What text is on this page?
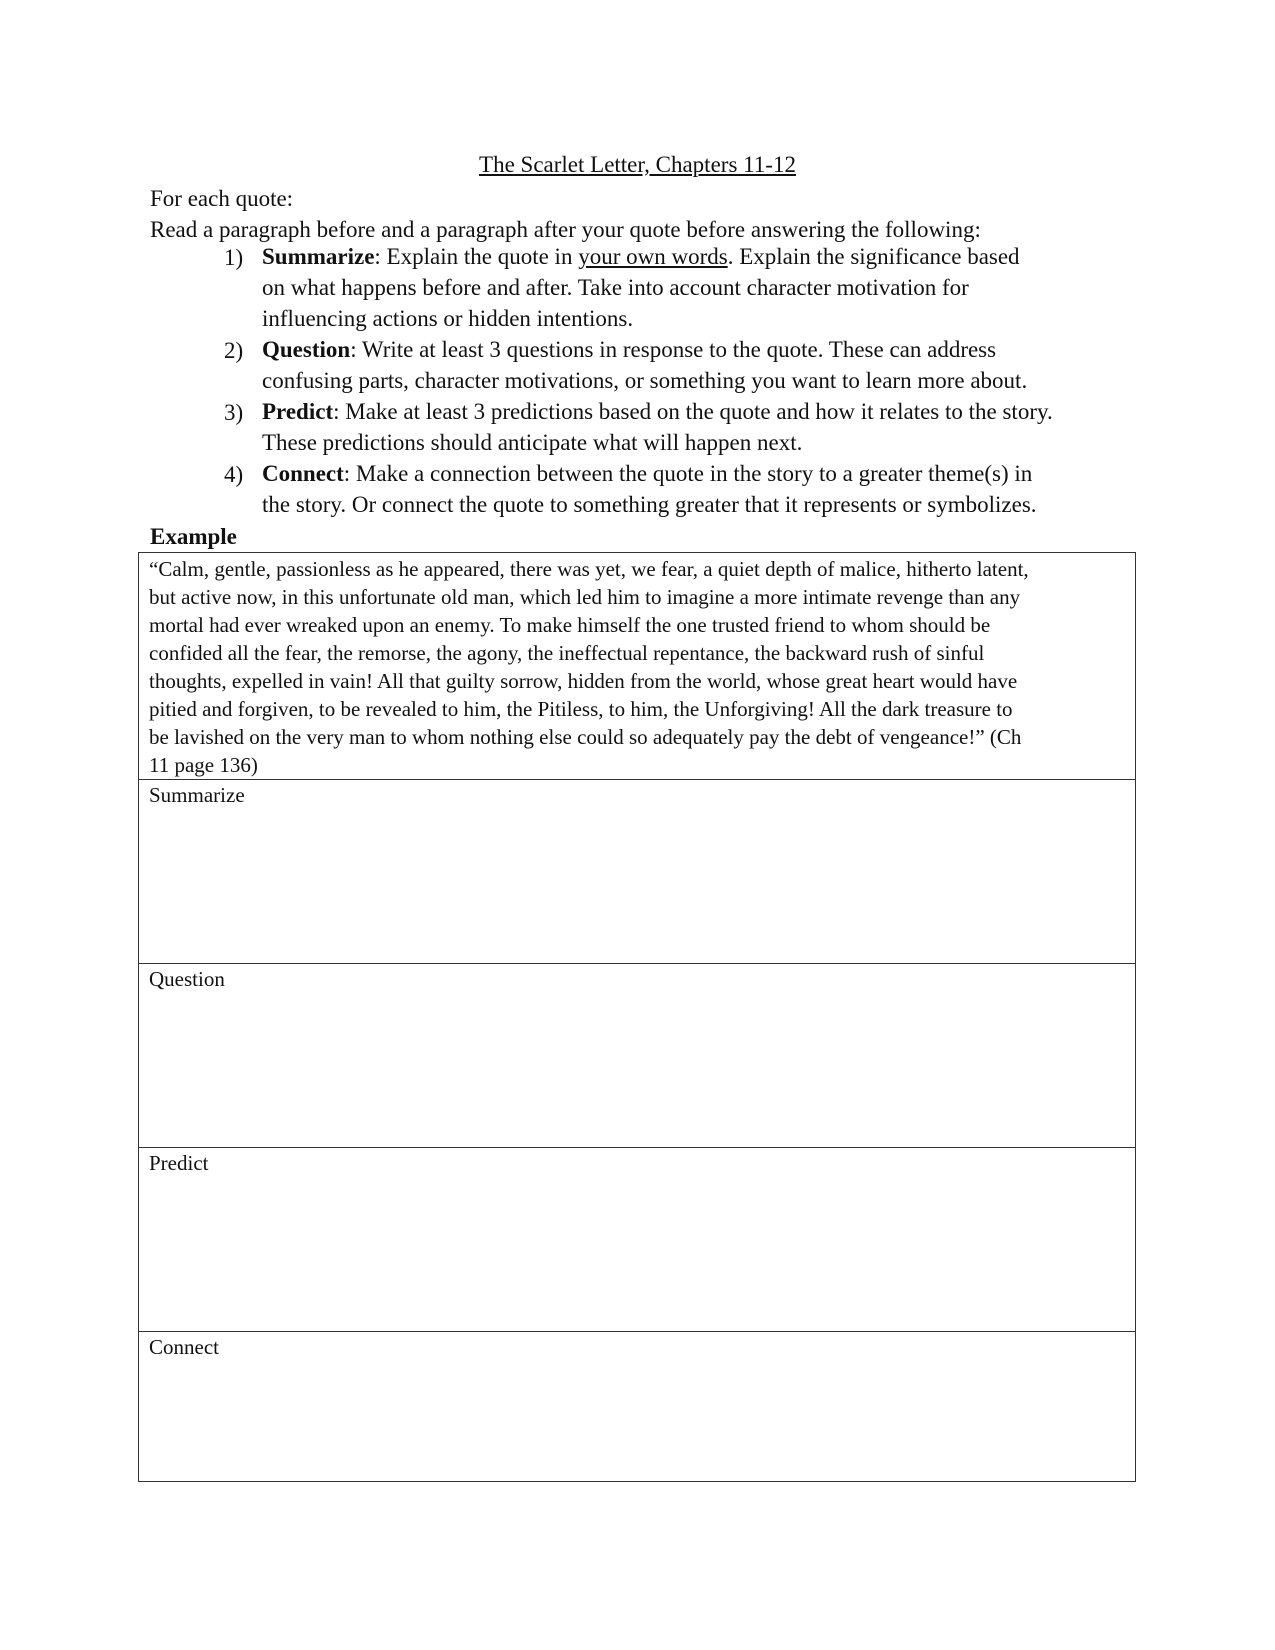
The Scarlet Letter, Chapters 11-12
For each quote:
Read a paragraph before and a paragraph after your quote before answering the following:
1) Summarize: Explain the quote in your own words. Explain the significance based
on what happens before and after. Take into account character motivation for
influencing actions or hidden intentions.
2) Question: Write at least 3 questions in response to the quote. These can address
confusing parts, character motivations, or something you want to learn more about.
3) Predict: Make at least 3 predictions based on the quote and how it relates to the story.
These predictions should anticipate what will happen next.
4) Connect: Make a connection between the quote in the story to a greater theme(s) in
the story. Or connect the quote to something greater that it represents or symbolizes.
Example
“Calm, gentle, passionless as he appeared, there was yet, we fear, a quiet depth of malice, hitherto latent,
but active now, in this unfortunate old man, which led him to imagine a more intimate revenge than any
mortal had ever wreaked upon an enemy. To make himself the one trusted friend to whom should be
confided all the fear, the remorse, the agony, the ineffectual repentance, the backward rush of sinful
thoughts, expelled in vain! All that guilty sorrow, hidden from the world, whose great heart would have
pitied and forgiven, to be revealed to him, the Pitiless, to him, the Unforgiving! All the dark treasure to
be lavished on the very man to whom nothing else could so adequately pay the debt of vengeance!” (Ch
11 page 136)
Summarize
Question
Predict
Connect
